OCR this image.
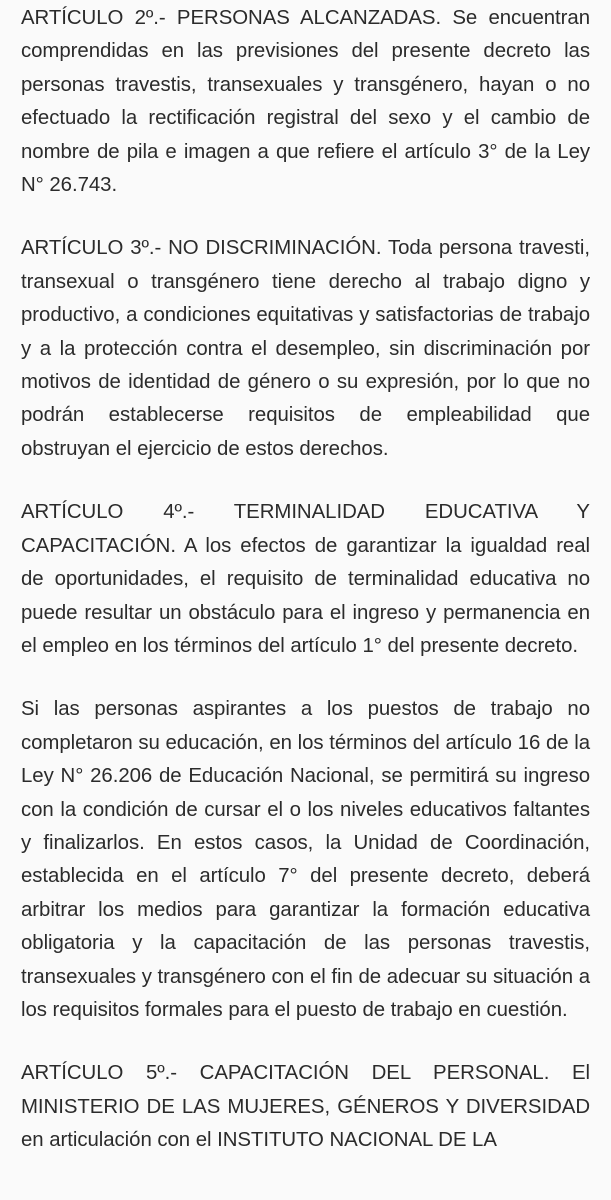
ARTÍCULO 2º.- PERSONAS ALCANZADAS. Se encuentran comprendidas en las previsiones del presente decreto las personas travestis, transexuales y transgénero, hayan o no efectuado la rectificación registral del sexo y el cambio de nombre de pila e imagen a que refiere el artículo 3° de la Ley N° 26.743.

ARTÍCULO 3º.- NO DISCRIMINACIÓN. Toda persona travesti, transexual o transgénero tiene derecho al trabajo digno y productivo, a condiciones equitativas y satisfactorias de trabajo y a la protección contra el desempleo, sin discriminación por motivos de identidad de género o su expresión, por lo que no podrán establecerse requisitos de empleabilidad que obstruyan el ejercicio de estos derechos.

ARTÍCULO 4º.- TERMINALIDAD EDUCATIVA Y CAPACITACIÓN. A los efectos de garantizar la igualdad real de oportunidades, el requisito de terminalidad educativa no puede resultar un obstáculo para el ingreso y permanencia en el empleo en los términos del artículo 1° del presente decreto.

Si las personas aspirantes a los puestos de trabajo no completaron su educación, en los términos del artículo 16 de la Ley N° 26.206 de Educación Nacional, se permitirá su ingreso con la condición de cursar el o los niveles educativos faltantes y finalizarlos. En estos casos, la Unidad de Coordinación, establecida en el artículo 7° del presente decreto, deberá arbitrar los medios para garantizar la formación educativa obligatoria y la capacitación de las personas travestis, transexuales y transgénero con el fin de adecuar su situación a los requisitos formales para el puesto de trabajo en cuestión.

ARTÍCULO 5º.- CAPACITACIÓN DEL PERSONAL. El MINISTERIO DE LAS MUJERES, GÉNEROS Y DIVERSIDAD en articulación con el INSTITUTO NACIONAL DE LA
